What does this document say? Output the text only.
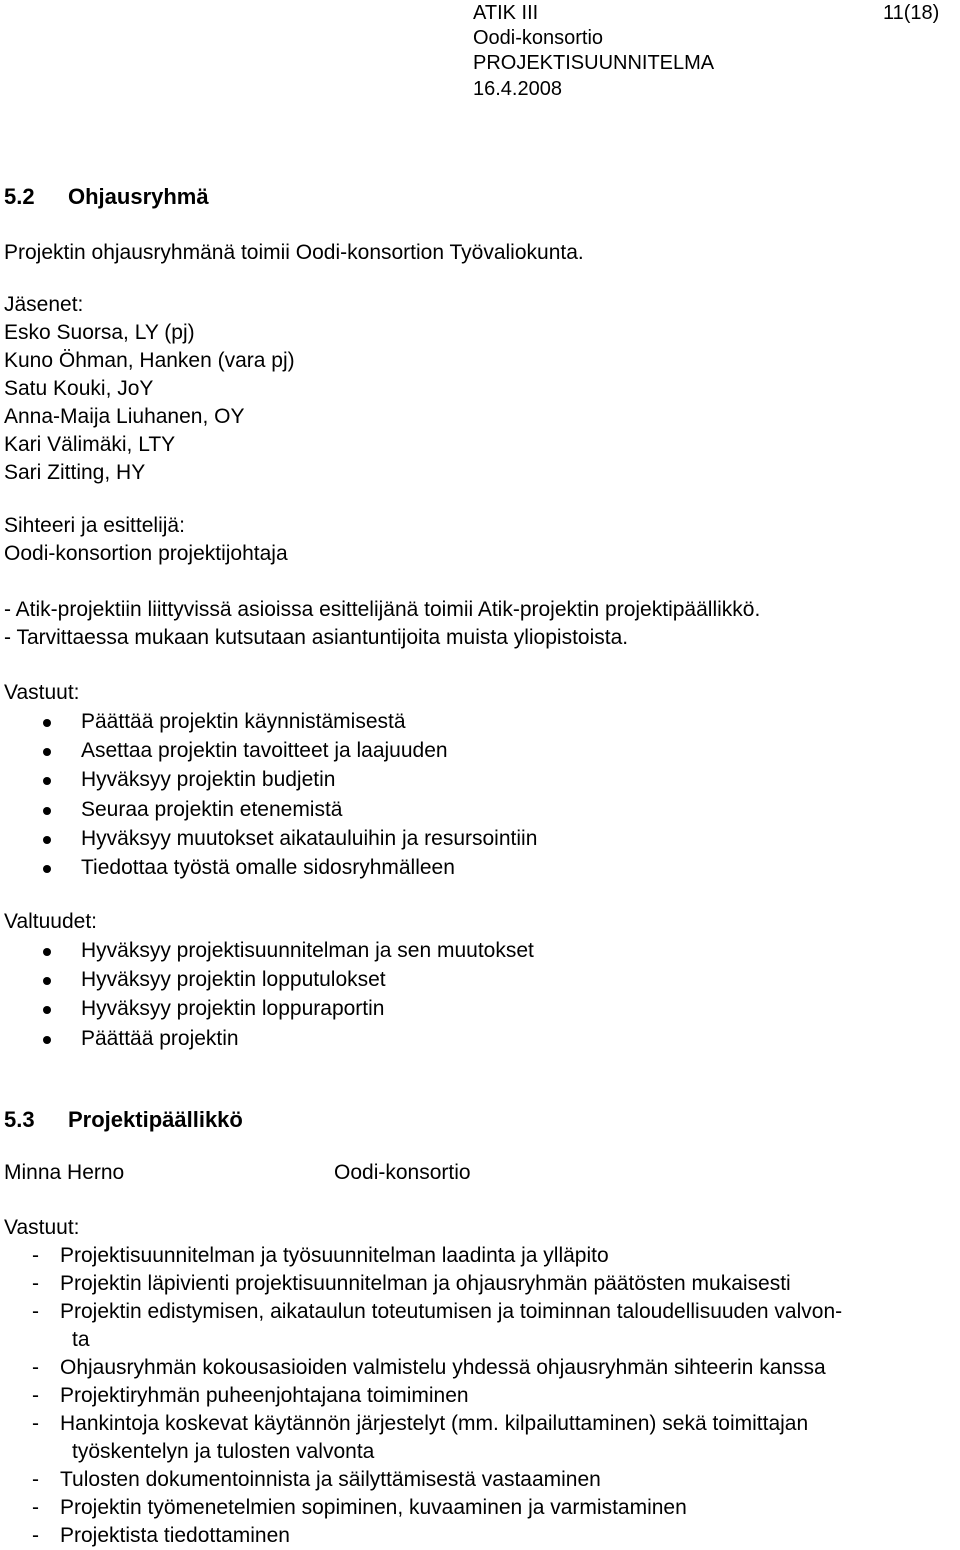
ATIK III	11(18)
Oodi-konsortio
PROJEKTISUUNNITELMA
16.4.2008
5.2 Ohjausryhmä
Projektin ohjausryhmänä toimii Oodi-konsortion Työvaliokunta.
Jäsenet:
Esko Suorsa, LY (pj)
Kuno Öhman, Hanken (vara pj)
Satu Kouki, JoY
Anna-Maija Liuhanen, OY
Kari Välimäki, LTY
Sari Zitting, HY
Sihteeri ja esittelijä:
Oodi-konsortion projektijohtaja
- Atik-projektiin liittyvissä asioissa esittelijänä toimii Atik-projektin projektipäällikkö.
- Tarvittaessa mukaan kutsutaan asiantuntijoita muista yliopistoista.
Vastuut:
Päättää projektin käynnistämisestä
Asettaa projektin tavoitteet ja laajuuden
Hyväksyy projektin budjetin
Seuraa projektin etenemistä
Hyväksyy muutokset aikatauluihin ja resursointiin
Tiedottaa työstä omalle sidosryhmälleen
Valtuudet:
Hyväksyy projektisuunnitelman ja sen muutokset
Hyväksyy projektin lopputulokset
Hyväksyy projektin loppuraportin
Päättää projektin
5.3 Projektipäällikkö
Minna Herno	Oodi-konsortio
Vastuut:
- Projektisuunnitelman ja työsuunnitelman laadinta ja ylläpito
- Projektin läpivienti projektisuunnitelman ja ohjausryhmän päätösten mukaisesti
- Projektin edistymisen, aikataulun toteutumisen ja toiminnan taloudellisuuden valvon-
ta
- Ohjausryhmän kokousasioiden valmistelu yhdessä ohjausryhmän sihteerin kanssa
- Projektiryhmän puheenjohtajana toimiminen
- Hankintoja koskevat käytännön järjestelyt (mm. kilpailuttaminen) sekä toimittajan
työskentelyn ja tulosten valvonta
- Tulosten dokumentoinnista ja säilyttämisestä vastaaminen
- Projektin työmenetelmien sopiminen, kuvaaminen ja varmistaminen
- Projektista tiedottaminen
